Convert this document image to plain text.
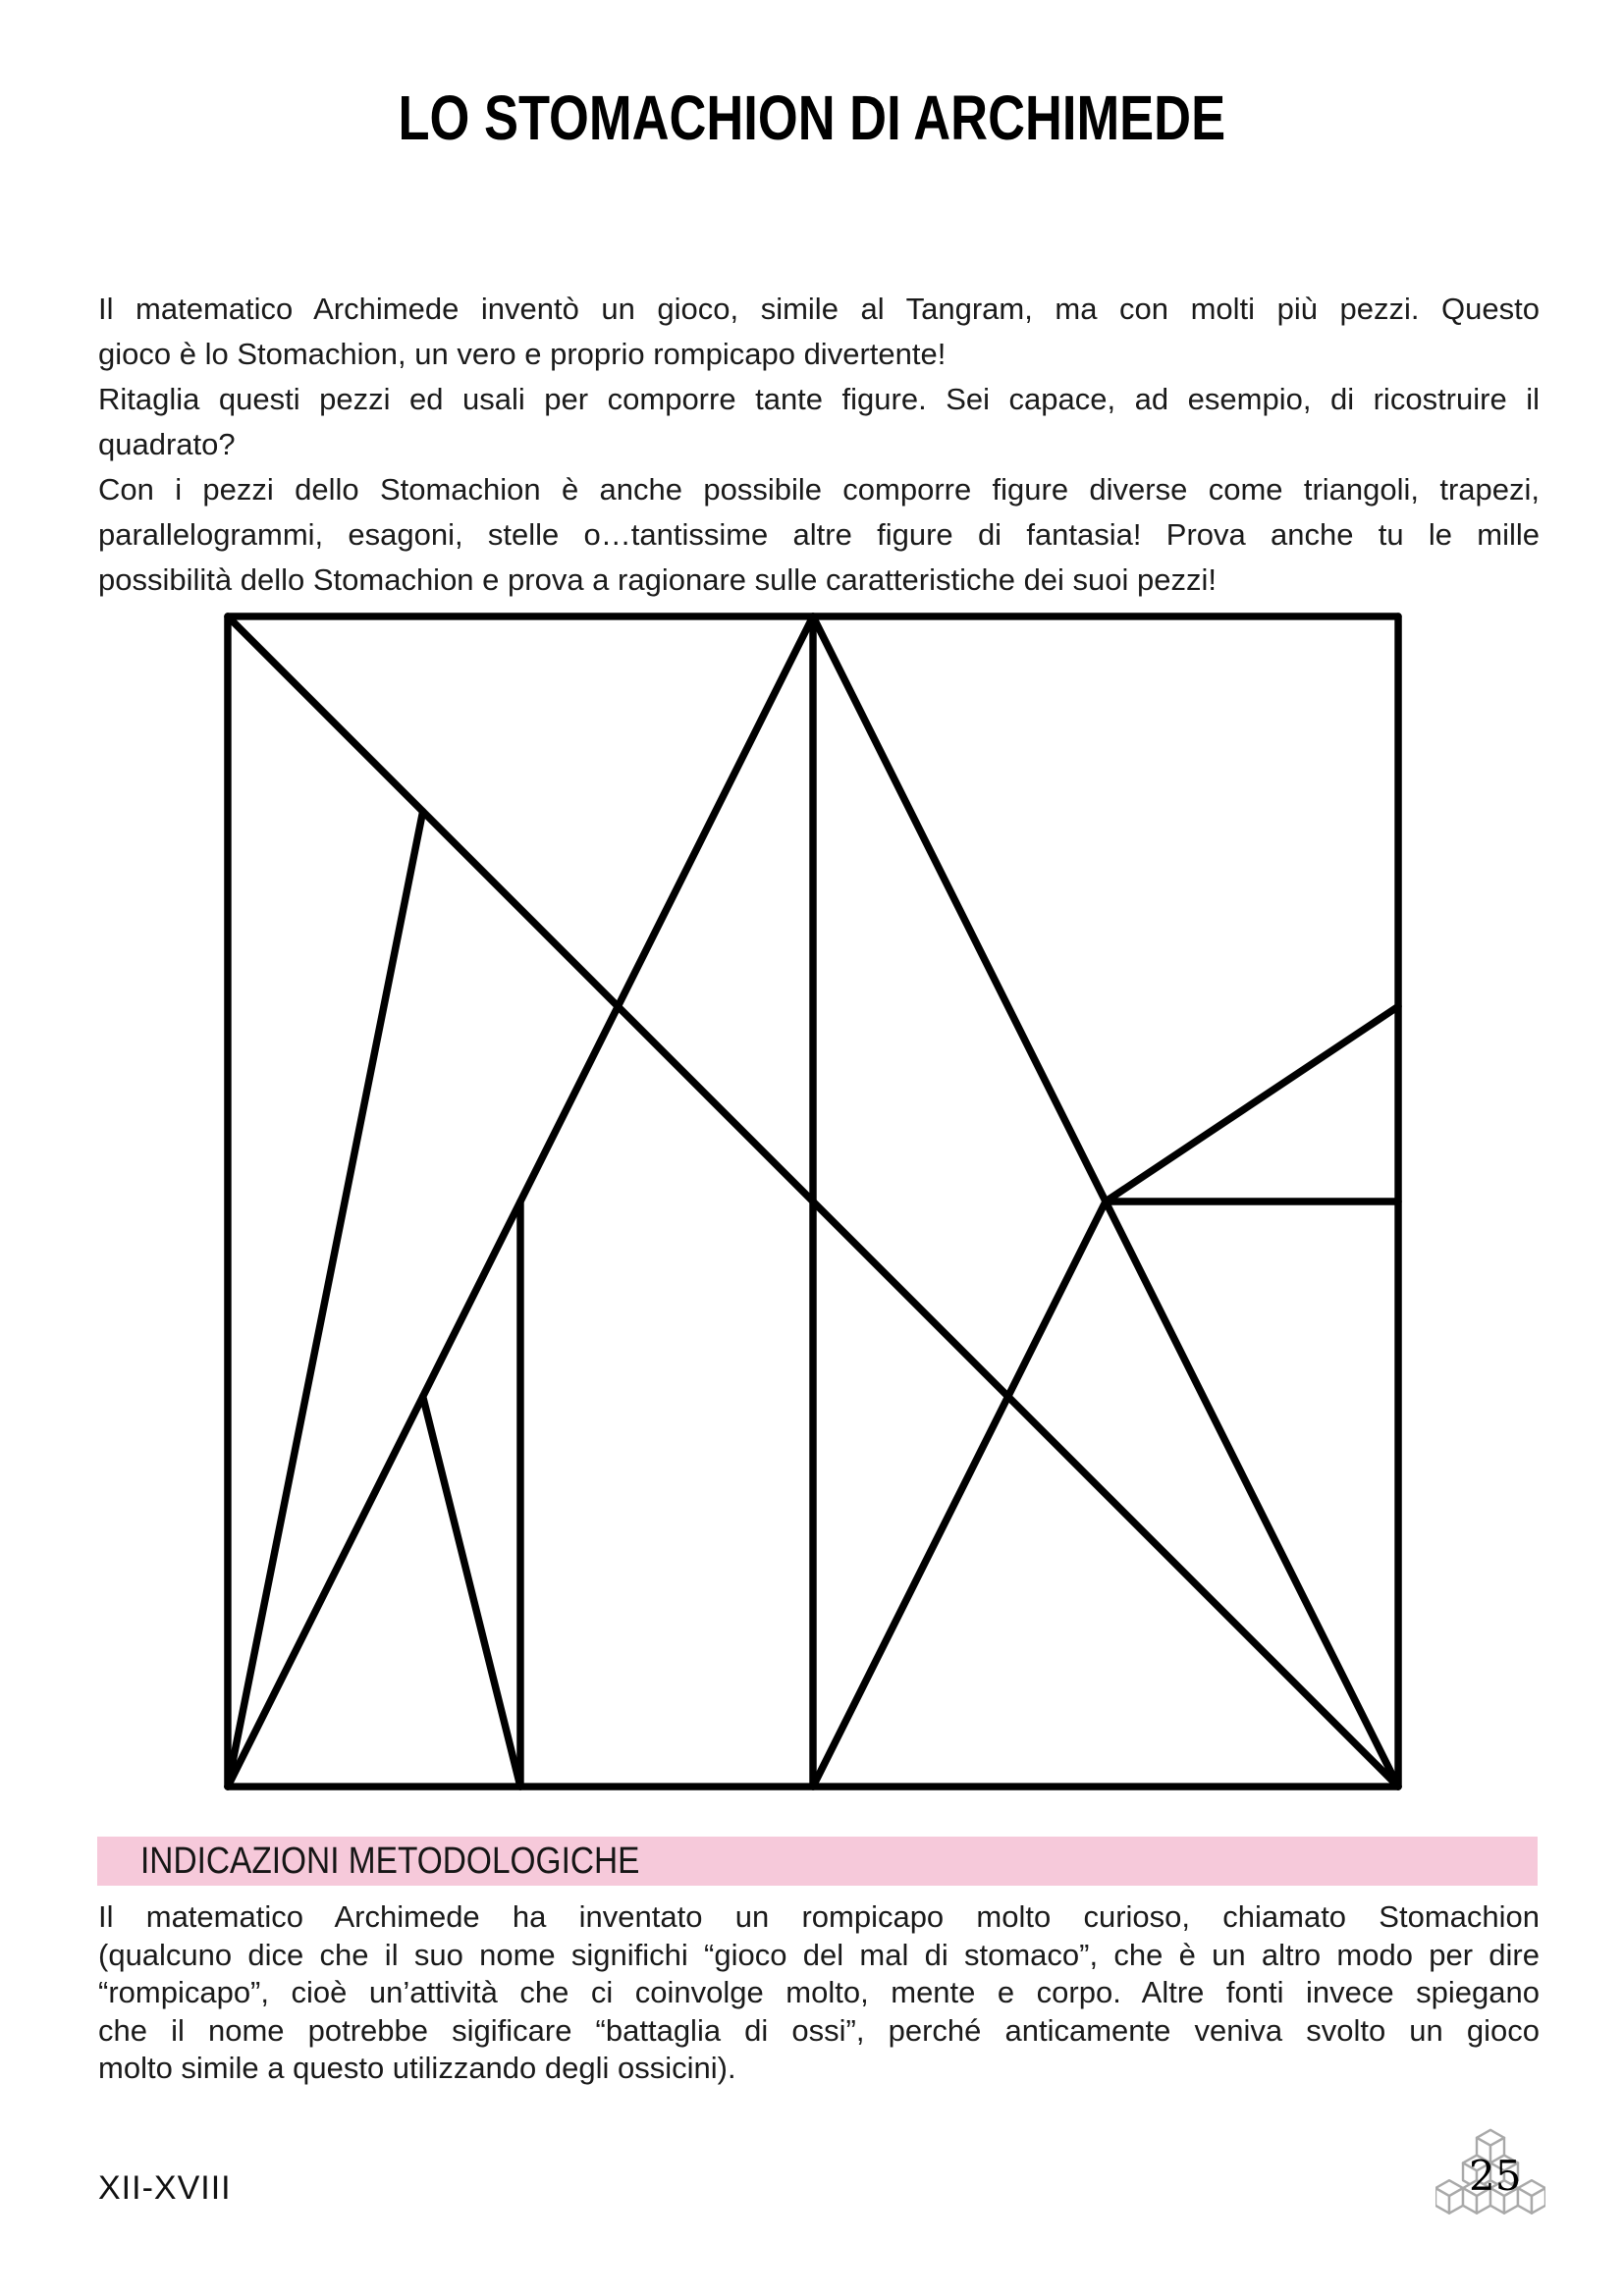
LO STOMACHION DI ARCHIMEDE
Il matematico Archimede inventò un gioco, simile al Tangram, ma con molti più pezzi. Questo
gioco è lo Stomachion, un vero e proprio rompicapo divertente!
Ritaglia questi pezzi ed usali per comporre tante figure. Sei capace, ad esempio, di ricostruire il
quadrato?
Con i pezzi dello Stomachion è anche possibile comporre figure diverse come triangoli, trapezi,
parallelogrammi, esagoni, stelle o…tantissime altre figure di fantasia! Prova anche tu le mille
possibilità dello Stomachion e prova a ragionare sulle caratteristiche dei suoi pezzi!
INDICAZIONI METODOLOGICHE
Il matematico Archimede ha inventato un rompicapo molto curioso, chiamato Stomachion
(qualcuno dice che il suo nome significhi “gioco del mal di stomaco”, che è un altro modo per dire
“rompicapo”, cioè un’attività che ci coinvolge molto, mente e corpo. Altre fonti invece spiegano
che il nome potrebbe sigificare “battaglia di ossi”, perché anticamente veniva svolto un gioco
molto simile a questo utilizzando degli ossicini).
XII-XVIII	25
